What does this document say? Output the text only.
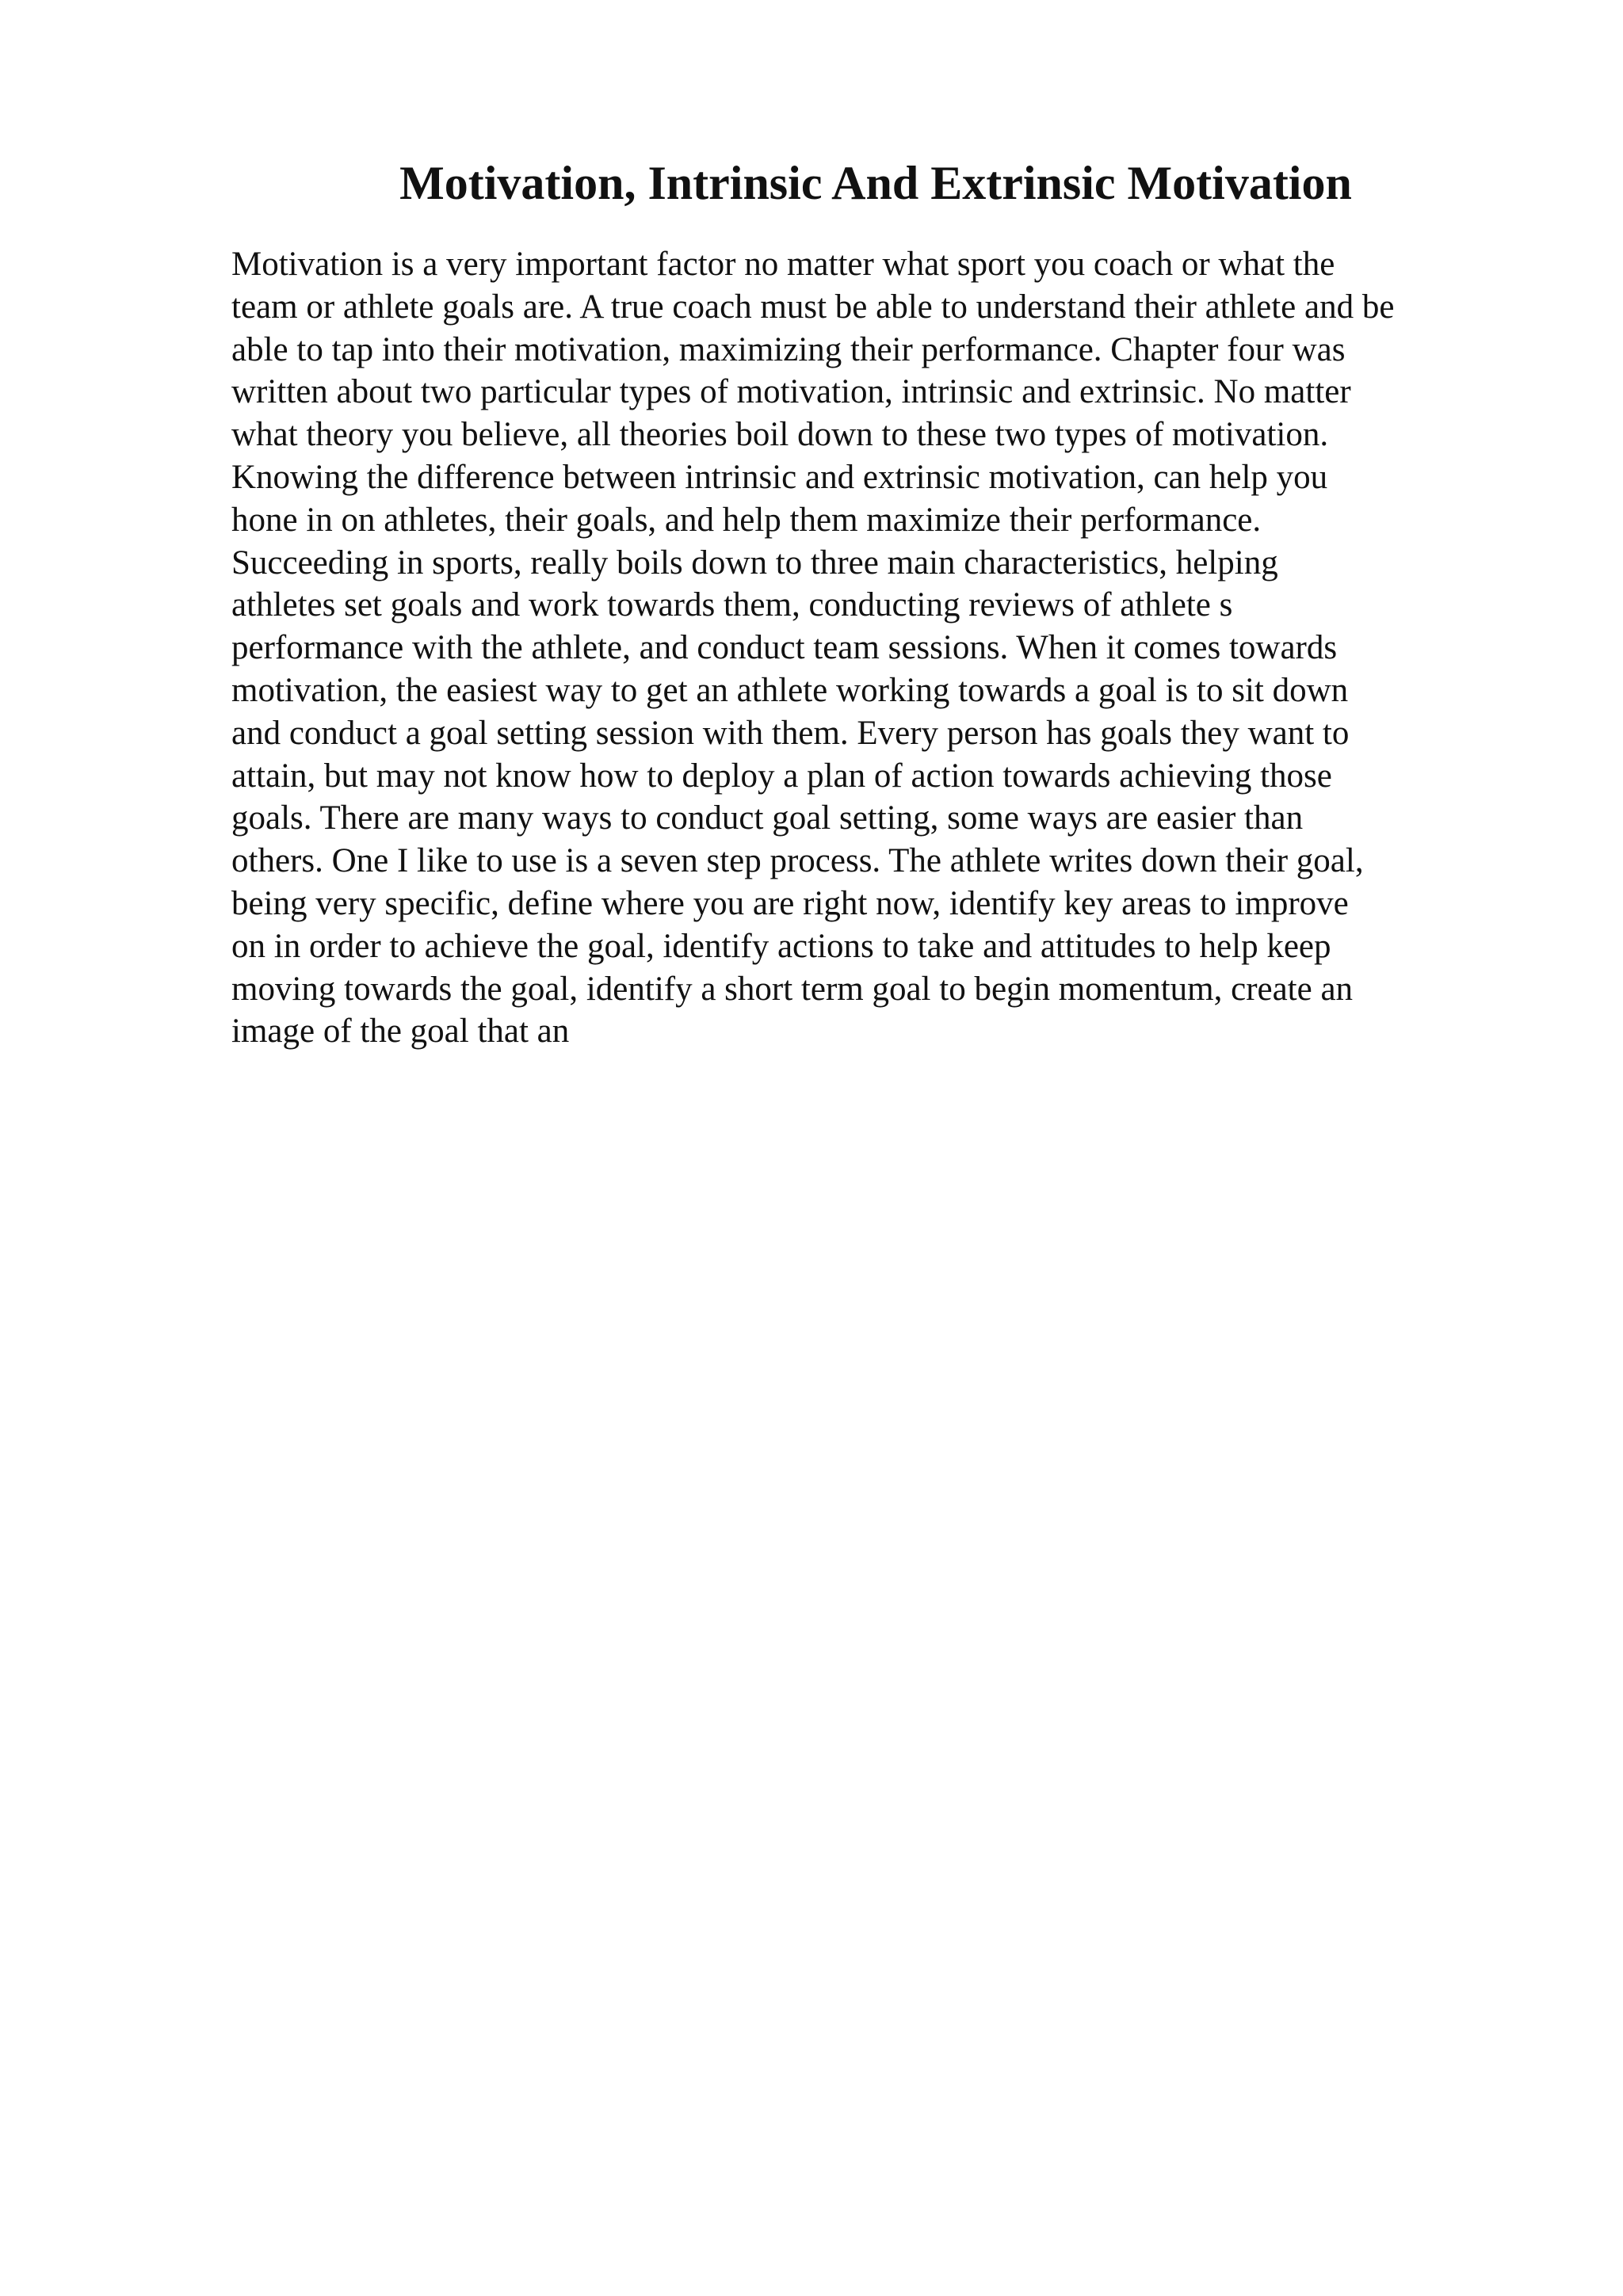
Motivation, Intrinsic And Extrinsic Motivation
Motivation is a very important factor no matter what sport you coach or what the
team or athlete goals are. A true coach must be able to understand their athlete and be
able to tap into their motivation, maximizing their performance. Chapter four was
written about two particular types of motivation, intrinsic and extrinsic. No matter
what theory you believe, all theories boil down to these two types of motivation.
Knowing the difference between intrinsic and extrinsic motivation, can help you
hone in on athletes, their goals, and help them maximize their performance.
Succeeding in sports, really boils down to three main characteristics, helping
athletes set goals and work towards them, conducting reviews of athlete s
performance with the athlete, and conduct team sessions. When it comes towards
motivation, the easiest way to get an athlete working towards a goal is to sit down
and conduct a goal setting session with them. Every person has goals they want to
attain, but may not know how to deploy a plan of action towards achieving those
goals. There are many ways to conduct goal setting, some ways are easier than
others. One I like to use is a seven step process. The athlete writes down their goal,
being very specific, define where you are right now, identify key areas to improve
on in order to achieve the goal, identify actions to take and attitudes to help keep
moving towards the goal, identify a short term goal to begin momentum, create an
image of the goal that an
